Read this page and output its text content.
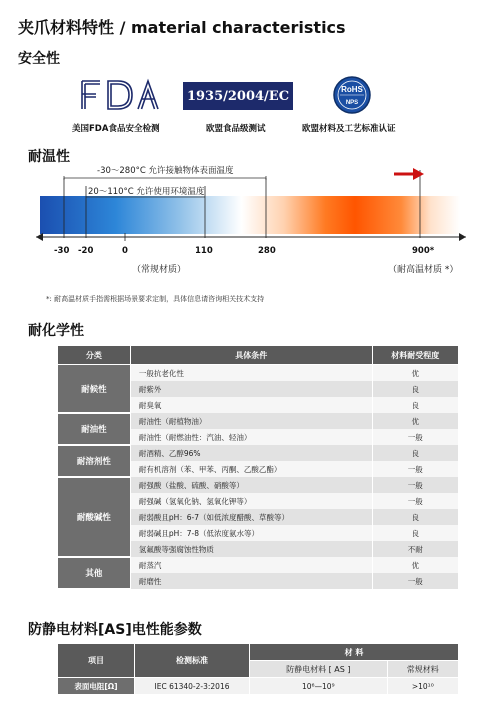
夹爪材料特性 / material characteristics
安全性
美国FDA食品安全检测
1935/2004/EC
欧盟食品级测试
RoHS
NPS
欧盟材料及工艺标准认证
耐温性
-30～280°C 允许接触物体表面温度
20～110°C 允许使用环境温度
-30 -20	0	110	280	900*
（常规材质）	（耐高温材质 *）
*: 耐高温材质手指需根据场景要求定制，具体信息请咨询相关技术支持
耐化学性
分类	具体条件	材料耐受程度
耐候性	一般抗老化性	优
	耐紫外	良
	耐臭氧	良
耐油性	耐油性（耐植物油）	优
	耐油性（耐燃油性：汽油、轻油）	一般
耐溶剂性	耐酒精、乙醇96%	良
	耐有机溶剂（苯、甲苯、丙酮、乙酸乙酯）	一般
耐酸碱性	耐强酸（盐酸、硫酸、硝酸等）	一般
	耐强碱（氢氧化钠、氢氧化钾等）	一般
	耐弱酸且pH：6-7（如低浓度醋酸、草酸等）	良
	耐弱碱且pH：7-8（低浓度氨水等）	良
	氢氟酸等强腐蚀性物质	不耐
其他	耐蒸汽	优
	耐磨性	一般
防静电材料[AS]电性能参数
项目	检测标准	材 料	
		防静电材料 [ AS ]	常规材料
表面电阻[Ω]	IEC 61340-2-3:2016	10⁶—10⁹	>10¹⁰
